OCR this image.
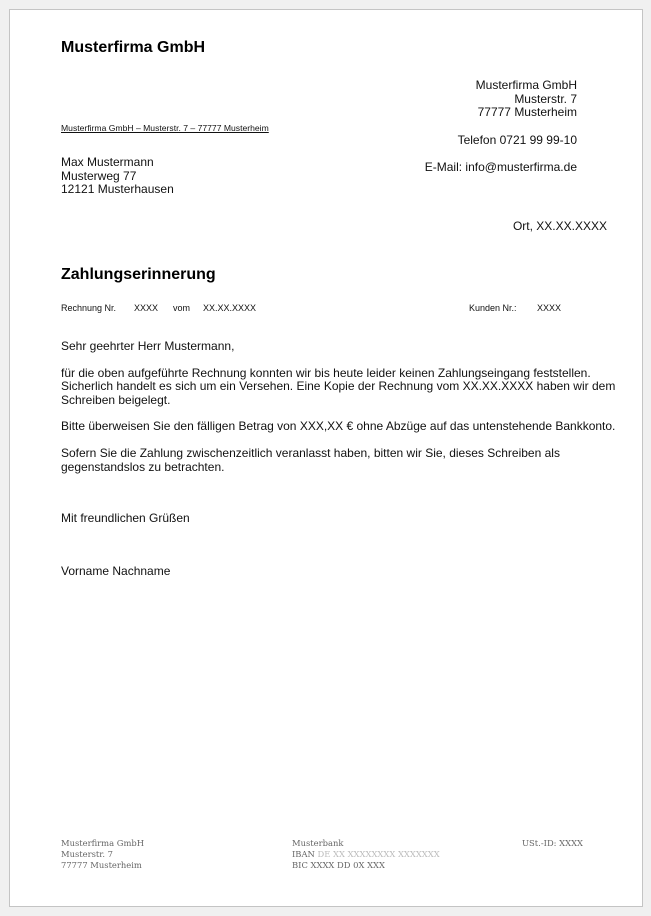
Musterfirma GmbH
Musterfirma GmbH
Musterstr. 7
77777 Musterheim
Musterfirma GmbH – Musterstr. 7 – 77777 Musterheim
Telefon 0721 99 99-10
E-Mail: info@musterfirma.de
Max Mustermann
Musterweg 77
12121 Musterhausen
Ort, XX.XX.XXXX
Zahlungserinnerung
Rechnung Nr. XXXX vom XX.XX.XXXX	Kunden Nr.: XXXX

Sehr geehrter Herr Mustermann,

für die oben aufgeführte Rechnung konnten wir bis heute leider keinen Zahlungseingang feststellen. Sicherlich handelt es sich um ein Versehen. Eine Kopie der Rechnung vom XX.XX.XXXX haben wir dem Schreiben beigelegt.

Bitte überweisen Sie den fälligen Betrag von XXX,XX € ohne Abzüge auf das untenstehende Bankkonto.

Sofern Sie die Zahlung zwischenzeitlich veranlasst haben, bitten wir Sie, dieses Schreiben als gegenstandslos zu betrachten.

Mit freundlichen Grüßen
Vorname Nachname
Musterfirma GmbH
Musterstr. 7
77777 Musterheim
Musterbank
IBAN DE XX XXXXXXXX XXXXXXX
BIC XXXX DD 0X XXX
USt.-ID: XXXX
